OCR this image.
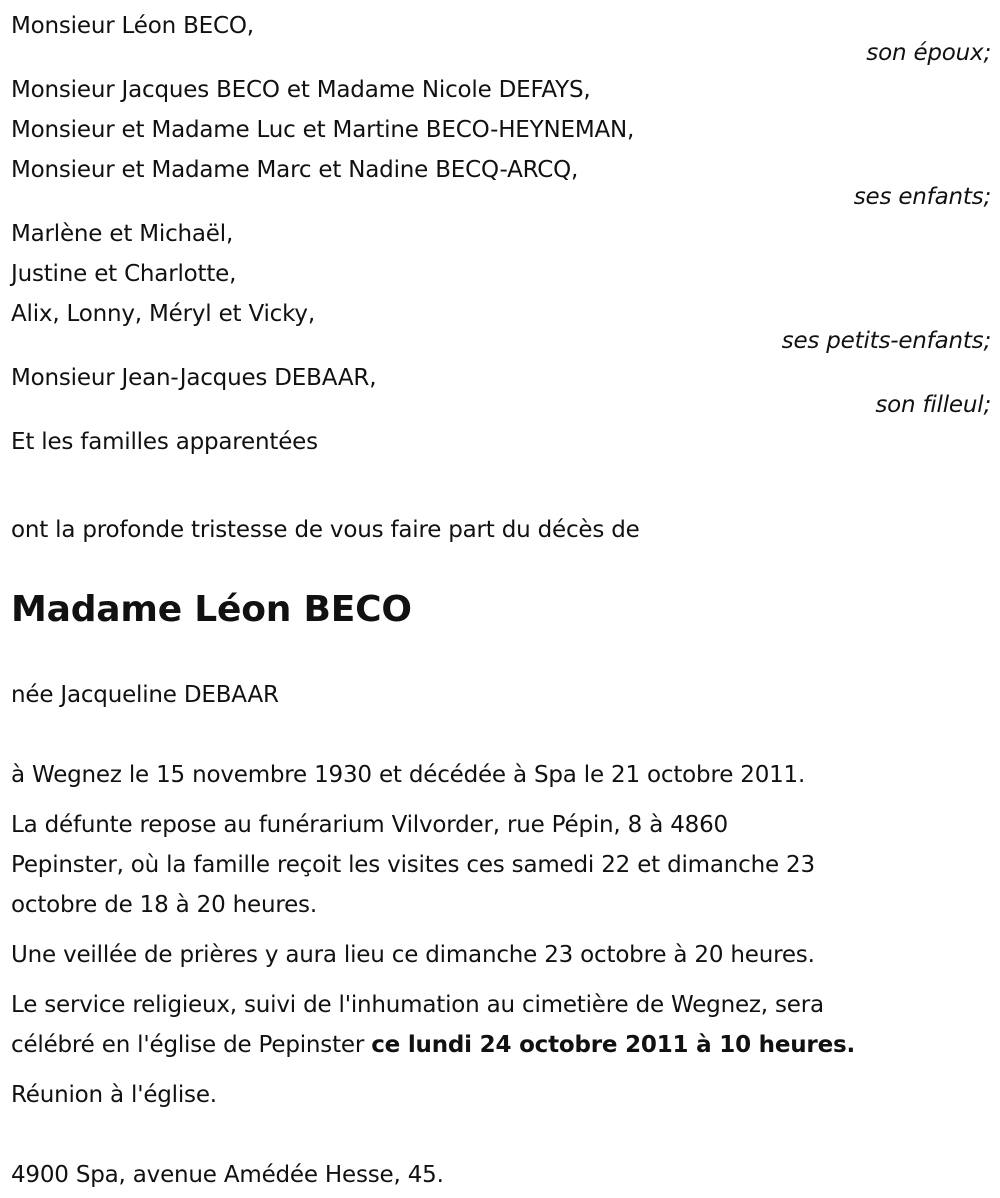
Monsieur Léon BECO,
son époux;
Monsieur Jacques BECO et Madame Nicole DEFAYS,
Monsieur et Madame Luc et Martine BECO-HEYNEMAN,
Monsieur et Madame Marc et Nadine BECQ-ARCQ,
ses enfants;
Marlène et Michaël,
Justine et Charlotte,
Alix, Lonny, Méryl et Vicky,
ses petits-enfants;
Monsieur Jean-Jacques DEBAAR,
son filleul;
Et les familles apparentées
ont la profonde tristesse de vous faire part du décès de
Madame Léon BECO
née Jacqueline DEBAAR
à Wegnez le 15 novembre 1930 et décédée à Spa le 21 octobre 2011.
La défunte repose au funérarium Vilvorder, rue Pépin, 8 à 4860
Pepinster, où la famille reçoit les visites ces samedi 22 et dimanche 23
octobre de 18 à 20 heures.
Une veillée de prières y aura lieu ce dimanche 23 octobre à 20 heures.
Le service religieux, suivi de l'inhumation au cimetière de Wegnez, sera
célébré en l'église de Pepinster ce lundi 24 octobre 2011 à 10 heures.
Réunion à l'église.
4900 Spa, avenue Amédée Hesse, 45.
